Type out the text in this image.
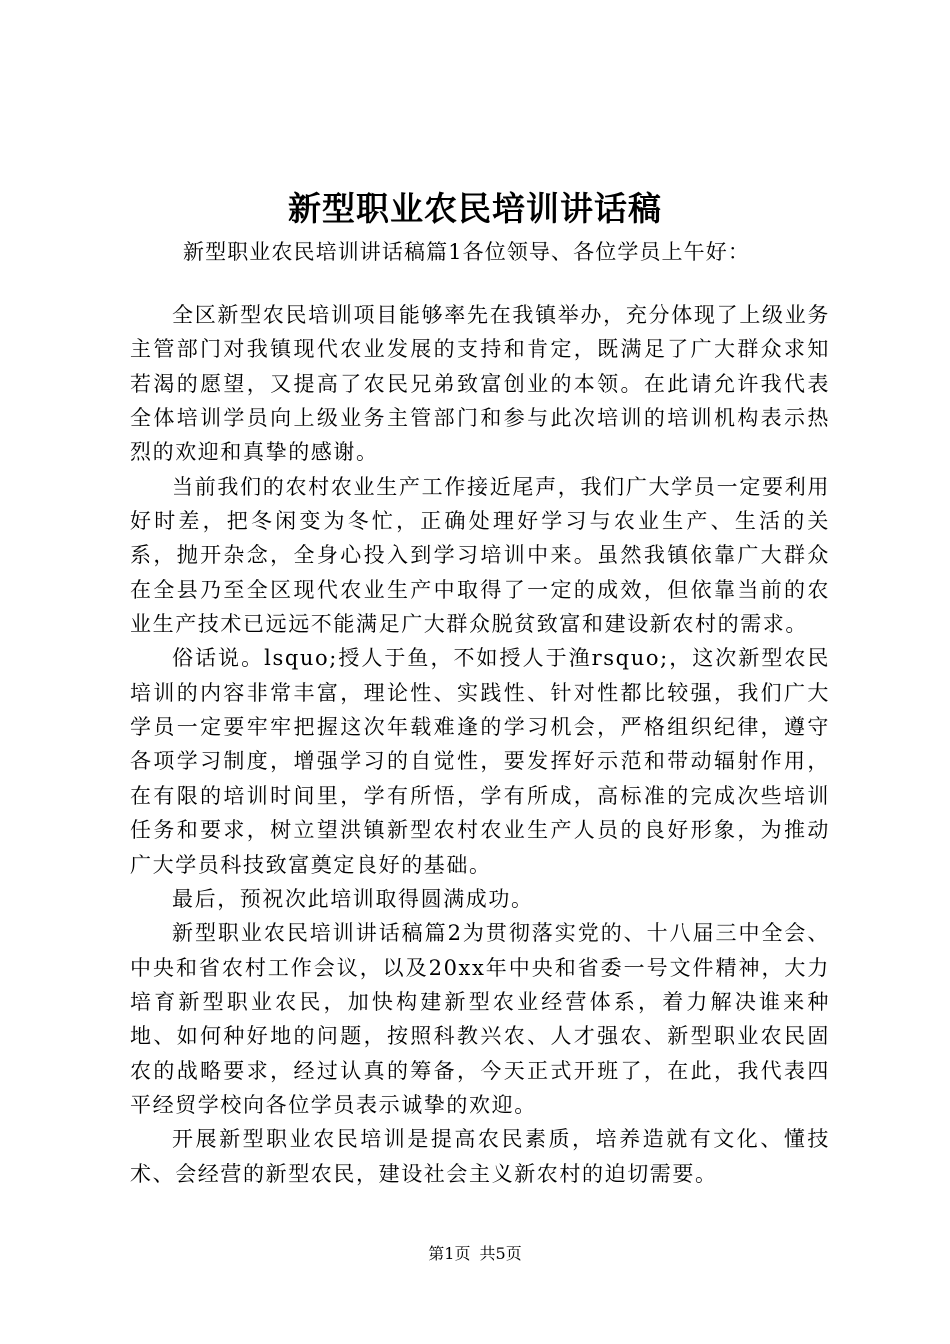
新型职业农民培训讲话稿
新型职业农民培训讲话稿篇1各位领导、各位学员上午好：

全区新型农民培训项目能够率先在我镇举办，充分体现了上级业务主管部门对我镇现代农业发展的支持和肯定，既满足了广大群众求知若渴的愿望，又提高了农民兄弟致富创业的本领。在此请允许我代表全体培训学员向上级业务主管部门和参与此次培训的培训机构表示热烈的欢迎和真挚的感谢。

当前我们的农村农业生产工作接近尾声，我们广大学员一定要利用好时差，把冬闲变为冬忙，正确处理好学习与农业生产、生活的关系，抛开杂念，全身心投入到学习培训中来。虽然我镇依靠广大群众在全县乃至全区现代农业生产中取得了一定的成效，但依靠当前的农业生产技术已远远不能满足广大群众脱贫致富和建设新农村的需求。

俗话说。lsquo;授人于鱼，不如授人于渔rsquo;，这次新型农民培训的内容非常丰富，理论性、实践性、针对性都比较强，我们广大学员一定要牢牢把握这次年载难逢的学习机会，严格组织纪律，遵守各项学习制度，增强学习的自觉性，要发挥好示范和带动辐射作用，在有限的培训时间里，学有所悟，学有所成，高标准的完成次些培训任务和要求，树立望洪镇新型农村农业生产人员的良好形象，为推动广大学员科技致富奠定良好的基础。

最后，预祝次此培训取得圆满成功。

新型职业农民培训讲话稿篇2为贯彻落实党的、十八届三中全会、中央和省农村工作会议，以及20xx年中央和省委一号文件精神，大力培育新型职业农民，加快构建新型农业经营体系，着力解决谁来种地、如何种好地的问题，按照科教兴农、人才强农、新型职业农民固农的战略要求，经过认真的筹备，今天正式开班了，在此，我代表四平经贸学校向各位学员表示诚挚的欢迎。

开展新型职业农民培训是提高农民素质，培养造就有文化、懂技术、会经营的新型农民，建设社会主义新农村的迫切需要。

第1页 共5页
